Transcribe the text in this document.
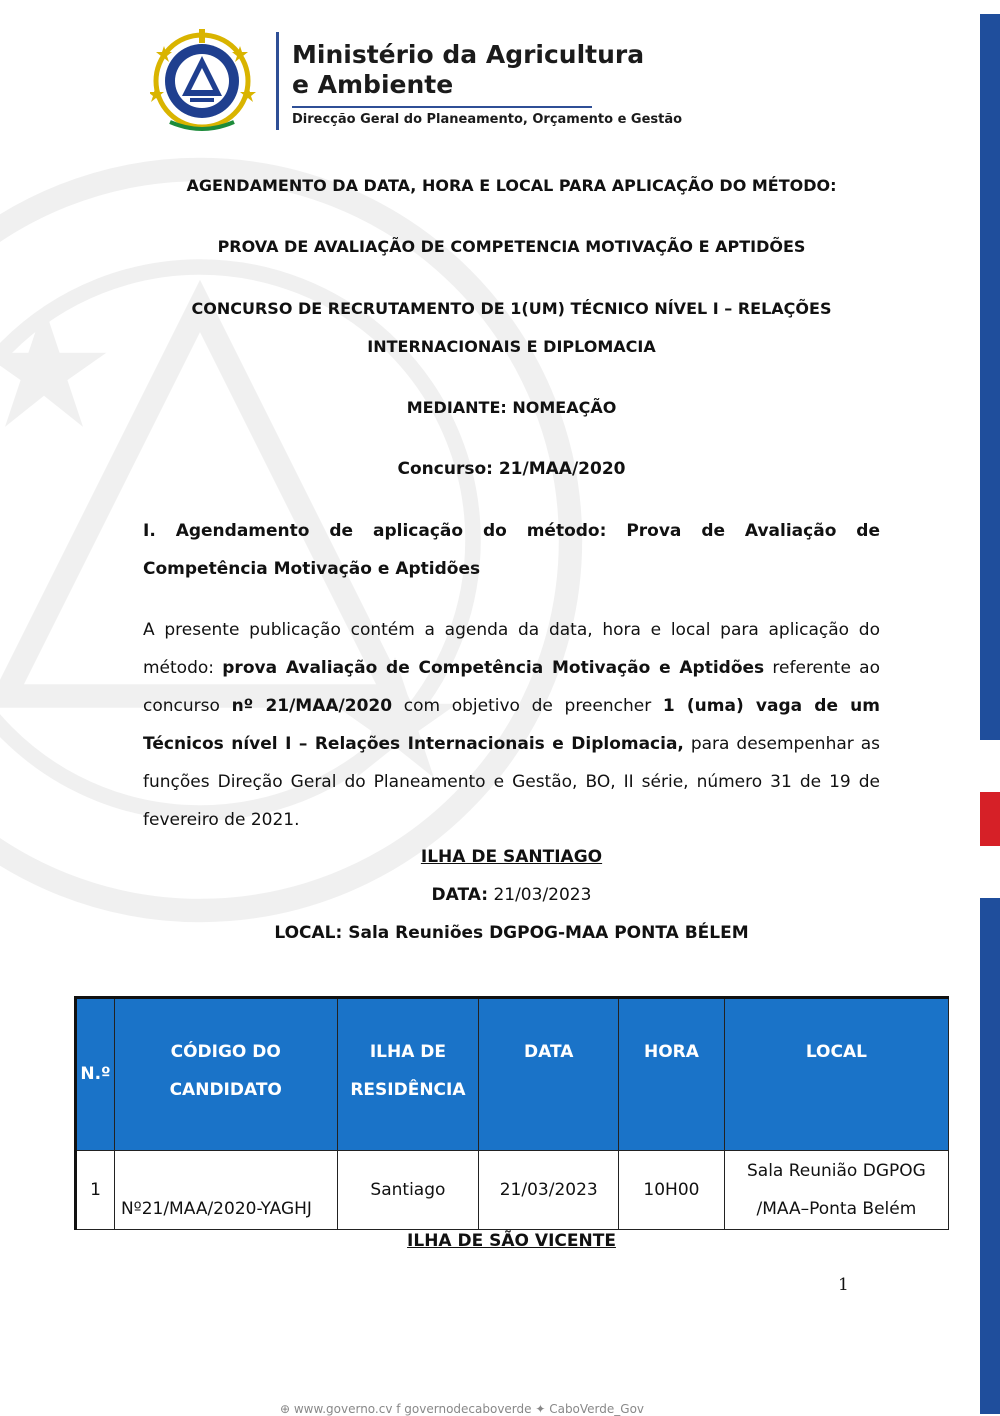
Ministério da Agricultura
e Ambiente
Direcção Geral do Planeamento, Orçamento e Gestão
AGENDAMENTO DA DATA, HORA E LOCAL PARA APLICAÇÃO DO MÉTODO:
PROVA DE AVALIAÇÃO DE COMPETENCIA MOTIVAÇÃO E APTIDÕES
CONCURSO DE RECRUTAMENTO DE 1(UM) TÉCNICO NÍVEL I – RELAÇÕES
INTERNACIONAIS E DIPLOMACIA
MEDIANTE: NOMEAÇÃO
Concurso: 21/MAA/2020
I. Agendamento de aplicação do método: Prova de Avaliação de Competência Motivação e Aptidões
A presente publicação contém a agenda da data, hora e local para aplicação do método: prova Avaliação de Competência Motivação e Aptidões referente ao concurso nº 21/MAA/2020 com objetivo de preencher 1 (uma) vaga de um Técnicos nível I – Relações Internacionais e Diplomacia, para desempenhar as funções Direção Geral do Planeamento e Gestão, BO, II série, número 31 de 19 de fevereiro de 2021.
ILHA DE SANTIAGO
DATA: 21/03/2023
LOCAL: Sala Reuniões DGPOG-MAA PONTA BÉLEM
N.º	CÓDIGO DO CANDIDATO	ILHA DE RESIDÊNCIA	DATA	HORA	LOCAL
1	Nº21/MAA/2020-YAGHJ	Santiago	21/03/2023	10H00	Sala Reunião DGPOG /MAA–Ponta Belém
ILHA DE SÃO VICENTE
1
⊕ www.governo.cv f governodecaboverde ✦ CaboVerde_Gov
